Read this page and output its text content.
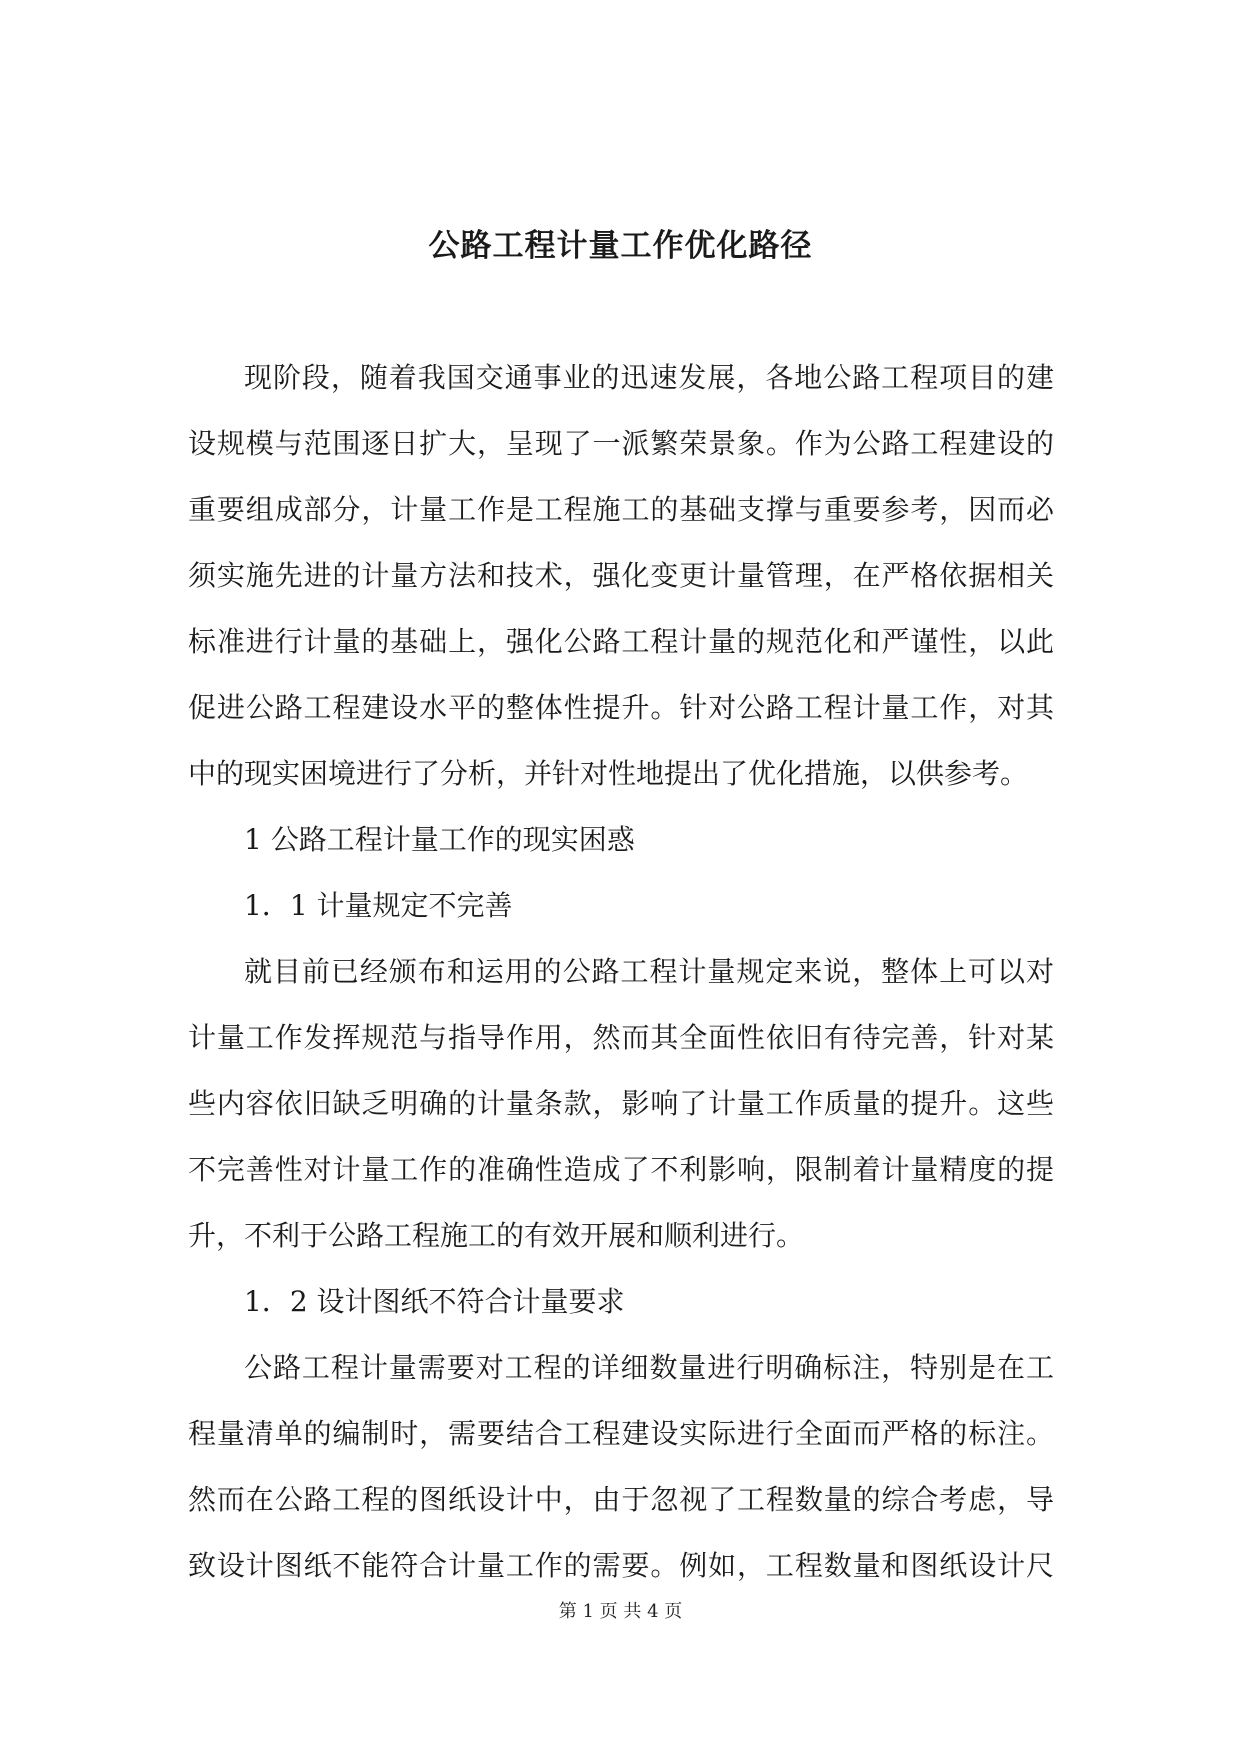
公路工程计量工作优化路径
现阶段，随着我国交通事业的迅速发展，各地公路工程项目的建
设规模与范围逐日扩大，呈现了一派繁荣景象。作为公路工程建设的
重要组成部分，计量工作是工程施工的基础支撑与重要参考，因而必
须实施先进的计量方法和技术，强化变更计量管理，在严格依据相关
标准进行计量的基础上，强化公路工程计量的规范化和严谨性，以此
促进公路工程建设水平的整体性提升。针对公路工程计量工作，对其
中的现实困境进行了分析，并针对性地提出了优化措施，以供参考。
1 公路工程计量工作的现实困惑
1．1 计量规定不完善
就目前已经颁布和运用的公路工程计量规定来说，整体上可以对
计量工作发挥规范与指导作用，然而其全面性依旧有待完善，针对某
些内容依旧缺乏明确的计量条款，影响了计量工作质量的提升。这些
不完善性对计量工作的准确性造成了不利影响，限制着计量精度的提
升，不利于公路工程施工的有效开展和顺利进行。
1．2 设计图纸不符合计量要求
公路工程计量需要对工程的详细数量进行明确标注，特别是在工
程量清单的编制时，需要结合工程建设实际进行全面而严格的标注。
然而在公路工程的图纸设计中，由于忽视了工程数量的综合考虑，导
致设计图纸不能符合计量工作的需要。例如，工程数量和图纸设计尺
第 1 页 共 4 页
